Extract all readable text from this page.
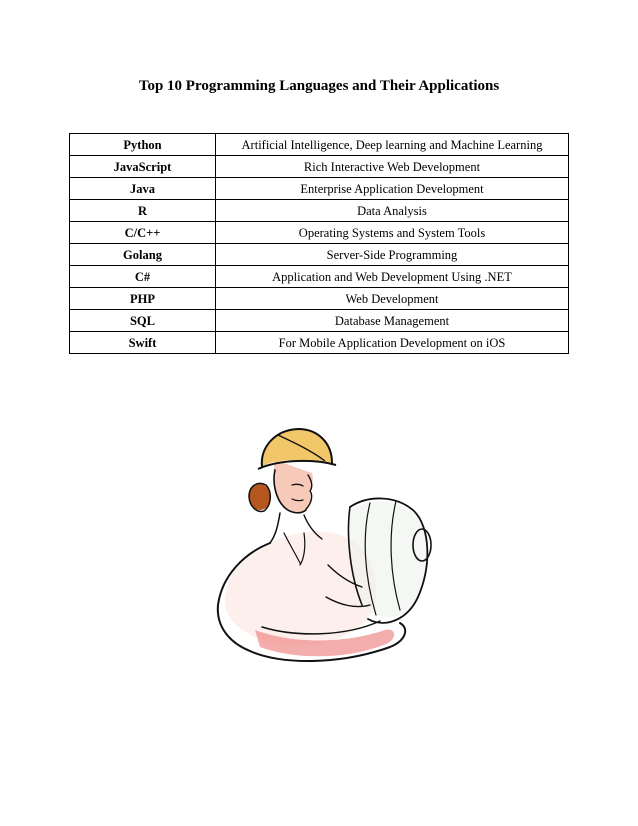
Top 10 Programming Languages and Their Applications
Python	Artificial Intelligence, Deep learning and Machine Learning
JavaScript	Rich Interactive Web Development
Java	Enterprise Application Development
R	Data Analysis
C/C++	Operating Systems and System Tools
Golang	Server-Side Programming
C#	Application and Web Development Using .NET
PHP	Web Development
SQL	Database Management
Swift	For Mobile Application Development on iOS
